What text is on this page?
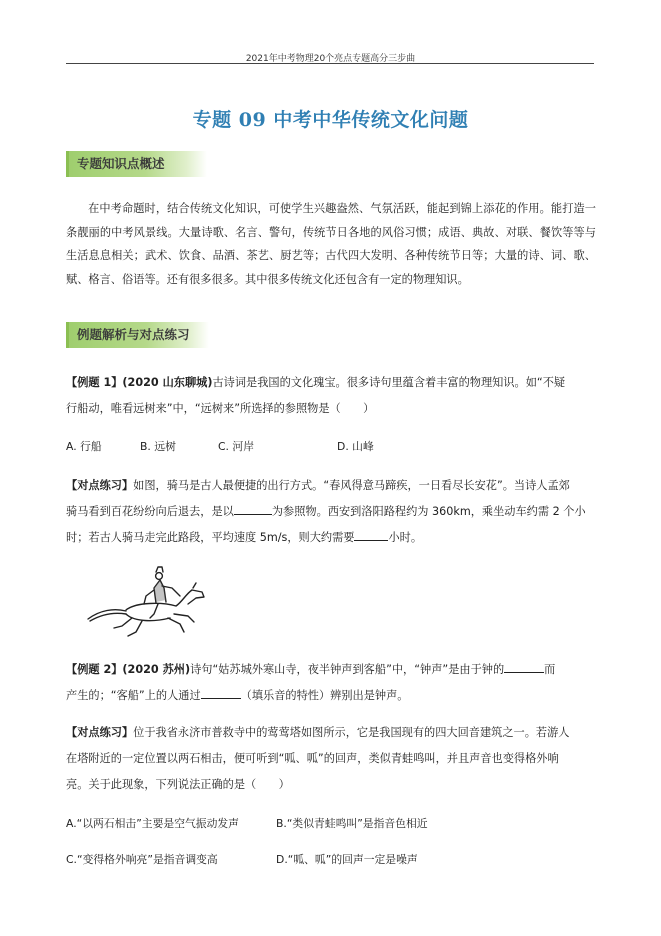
2021年中考物理20个亮点专题高分三步曲
专题 09 中考中华传统文化问题
专题知识点概述
在中考命题时，结合传统文化知识，可使学生兴趣盎然、气氛活跃，能起到锦上添花的作用。能打造一条靓丽的中考风景线。大量诗歌、名言、警句，传统节日各地的风俗习惯；成语、典故、对联、餐饮等等与生活息息相关；武术、饮食、品酒、茶艺、厨艺等；古代四大发明、各种传统节日等；大量的诗、词、歌、赋、格言、俗语等。还有很多很多。其中很多传统文化还包含有一定的物理知识。
例题解析与对点练习
【例题 1】(2020 山东聊城)古诗词是我国的文化瑰宝。很多诗句里蕴含着丰富的物理知识。如“不疑
行船动，唯看远树来”中，“远树来”所选择的参照物是（　　）
A. 行船	B. 远树	C. 河岸	D. 山峰
【对点练习】如图，骑马是古人最便捷的出行方式。“春风得意马蹄疾，一日看尽长安花”。当诗人孟郊
骑马看到百花纷纷向后退去，是以	为参照物。西安到洛阳路程约为 360km，乘坐动车约需 2 个小
时；若古人骑马走完此路段，平均速度 5m/s，则大约需要	小时。
【例题 2】(2020 苏州)诗句“姑苏城外寒山寺，夜半钟声到客船”中，“钟声”是由于钟的	而
产生的；“客船”上的人通过	（填乐音的特性）辨别出是钟声。
【对点练习】位于我省永济市普救寺中的莺莺塔如图所示，它是我国现有的四大回音建筑之一。若游人
在塔附近的一定位置以两石相击，便可听到“呱、呱”的回声，类似青蛙鸣叫，并且声音也变得格外响
亮。关于此现象，下列说法正确的是（　　）
A.“以两石相击”主要是空气振动发声	B.“类似青蛙鸣叫”是指音色相近
C.“变得格外响亮”是指音调变高	D.“呱、呱”的回声一定是噪声
